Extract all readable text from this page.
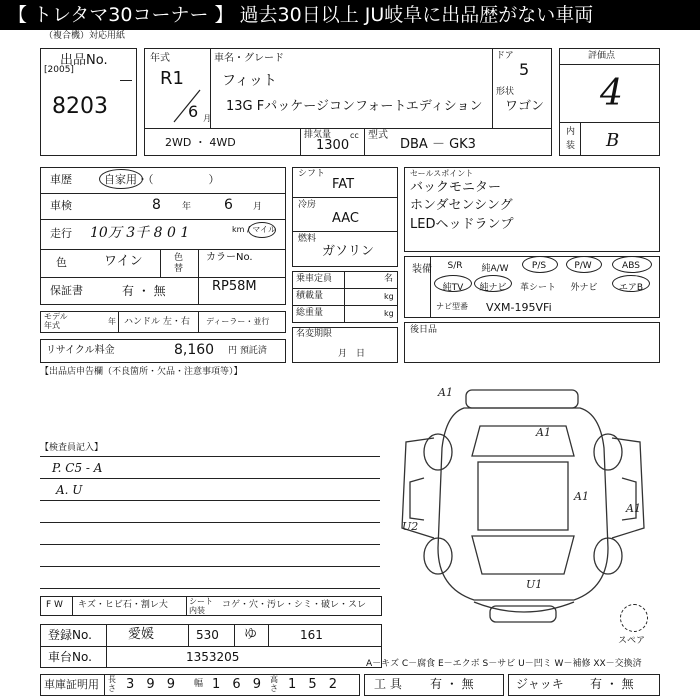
【 トレタマ30コーナー 】 過去30日以上 JU岐阜に出品歴がない車両
（複合機）対応用紙
出品No.
[2005]
8203
年式
R1
6 月
車名・グレード
フィット
13G Fパッケージコンフォートエディション
ドア
5
形状
ワゴン
2WD ・ 4WD
排気量
1300
cc 型式
DBA － GK3
評価点
4
内
装 B
車歴	自家用・（　　　　　）
車検	8 年 6 月
走行 10万 3千 8 0 1	km / マイル
色	ワイン	色替
カラーNo.
RP58M
保証書	有 ・ 無
モデル年式	年 ハンドル 左・右 ディーラー・並行
リサイクル料金	8,160 円 預託済
シフト
FAT
冷房
AAC
燃料
ガソリン
乗車定員	名
積載量	kg
総重量	kg
名変期限
月　日
セールスポイント
バックモニター
ホンダセンシング
LEDヘッドランプ
装備	S/R	純A/W	P/S	P/W	ABS
純TV	純ナビ	革シート	外ナビ	エアB
ナビ型番 VXM-195VFi
後日品
【出品店申告欄（不良箇所・欠品・注意事項等）】
【検査員記入】
P. C5 - A
A. U
A1
A1
A1
A1
U2
U1
スペア
F W キズ・ヒビ石・割レ大	シート内装
コゲ・穴・汚レ・シミ・破レ・スレ
登録No.	愛媛	530 ゆ	161
車台No.	1353205	A－キズ C－腐食 E－エクボ S－サビ U－凹ミ W－補修 XX－交換済
車庫証明用 長さ 3 9 9 幅 1 6 9 高さ 1 5 2	工 具 有 ・ 無	ジャッキ 有 ・ 無
